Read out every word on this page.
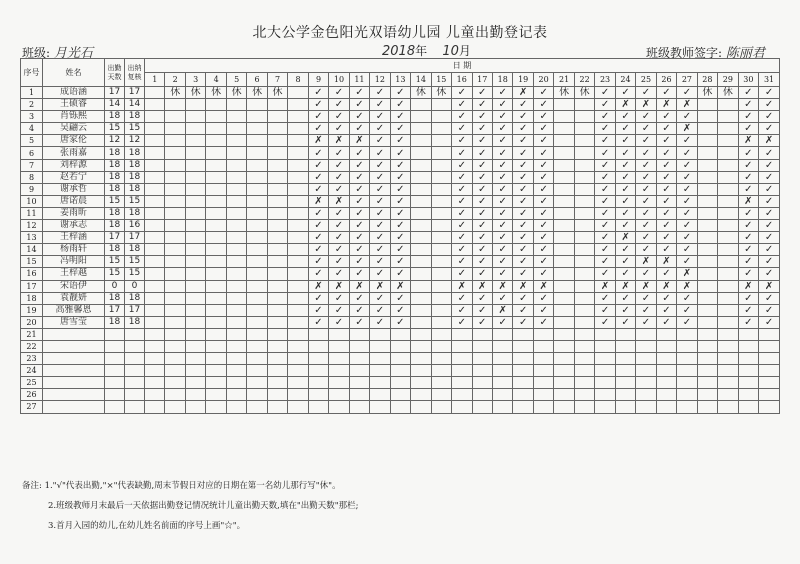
北大公学金色阳光双语幼儿园 儿童出勤登记表
班级: 月光石	2018年 10月	班级教师签字: 陈丽君
序号	姓名	出勤天数	出纳复核	日 期																														
				1	2	3	4	5	6	7	8	9	10	11	12	13	14	15	16	17	18	19	20	21	22	23	24	25	26	27	28	29	30	31
1	成语涵	17	17		休	休	休	休	休	休		✓	✓	✓	✓	✓	休	休	✓	✓	✓	✗	✓	休	休	✓	✓	✓	✓	✓	休	休	✓	✓
2	王硕睿	14	14									✓	✓	✓	✓	✓			✓	✓	✓	✓	✓			✓	✗	✗	✗	✗			✓	✓
3	肖铄熙	18	18									✓	✓	✓	✓	✓			✓	✓	✓	✓	✓			✓	✓	✓	✓	✓			✓	✓
4	吴翩云	15	15									✓	✓	✓	✓	✓			✓	✓	✓	✓	✓			✓	✓	✓	✓	✗			✓	✓
5	唐家伦	12	12									✗	✗	✗	✓	✓			✓	✓	✓	✓	✓			✓	✓	✓	✓	✓			✗	✗
6	张雨嘉	18	18									✓	✓	✓	✓	✓			✓	✓	✓	✓	✓			✓	✓	✓	✓	✓			✓	✓
7	刘梓源	18	18									✓	✓	✓	✓	✓			✓	✓	✓	✓	✓			✓	✓	✓	✓	✓			✓	✓
8	赵若宁	18	18									✓	✓	✓	✓	✓			✓	✓	✓	✓	✓			✓	✓	✓	✓	✓			✓	✓
9	谢承哲	18	18									✓	✓	✓	✓	✓			✓	✓	✓	✓	✓			✓	✓	✓	✓	✓			✓	✓
10	唐诺晨	15	15									✗	✗	✓	✓	✓			✓	✓	✓	✓	✓			✓	✓	✓	✓	✓			✗	✓
11	姜雨昕	18	18									✓	✓	✓	✓	✓			✓	✓	✓	✓	✓			✓	✓	✓	✓	✓			✓	✓
12	谢承志	18	16									✓	✓	✓	✓	✓			✓	✓	✓	✓	✓			✓	✓	✓	✓	✓			✓	✓
13	王梓涵	17	17									✓	✓	✓	✓	✓			✓	✓	✓	✓	✓			✓	✗	✓	✓	✓			✓	✓
14	杨雨轩	18	18									✓	✓	✓	✓	✓			✓	✓	✓	✓	✓			✓	✓	✓	✓	✓			✓	✓
15	冯明阳	15	15									✓	✓	✓	✓	✓			✓	✓	✓	✓	✓			✓	✓	✗	✗	✓			✓	✓
16	王梓越	15	15									✓	✓	✓	✓	✓			✓	✓	✓	✓	✓			✓	✓	✓	✓	✗			✓	✓
17	宋语伊	0	0									✗	✗	✗	✗	✗			✗	✗	✗	✗	✗			✗	✗	✗	✗	✗			✗	✗
18	袁靓妍	18	18									✓	✓	✓	✓	✓			✓	✓	✓	✓	✓			✓	✓	✓	✓	✓			✓	✓
19	高雅馨恩	17	17									✓	✓	✓	✓	✓			✓	✓	✗	✓	✓			✓	✓	✓	✓	✓			✓	✓
20	唐雪莹	18	18									✓	✓	✓	✓	✓			✓	✓	✓	✓	✓			✓	✓	✓	✓	✓			✓	✓
21																																		
22																																		
23																																		
24																																		
25																																		
26																																		
27																																		
备注: 1."√"代表出勤,"×"代表缺勤,周末节假日对应的日期在第一名幼儿那行写"休"。
2.班级教师月末最后一天依据出勤登记情况统计儿童出勤天数,填在"出勤天数"那栏;
3.首月入园的幼儿,在幼儿姓名前面的序号上画"☆"。
